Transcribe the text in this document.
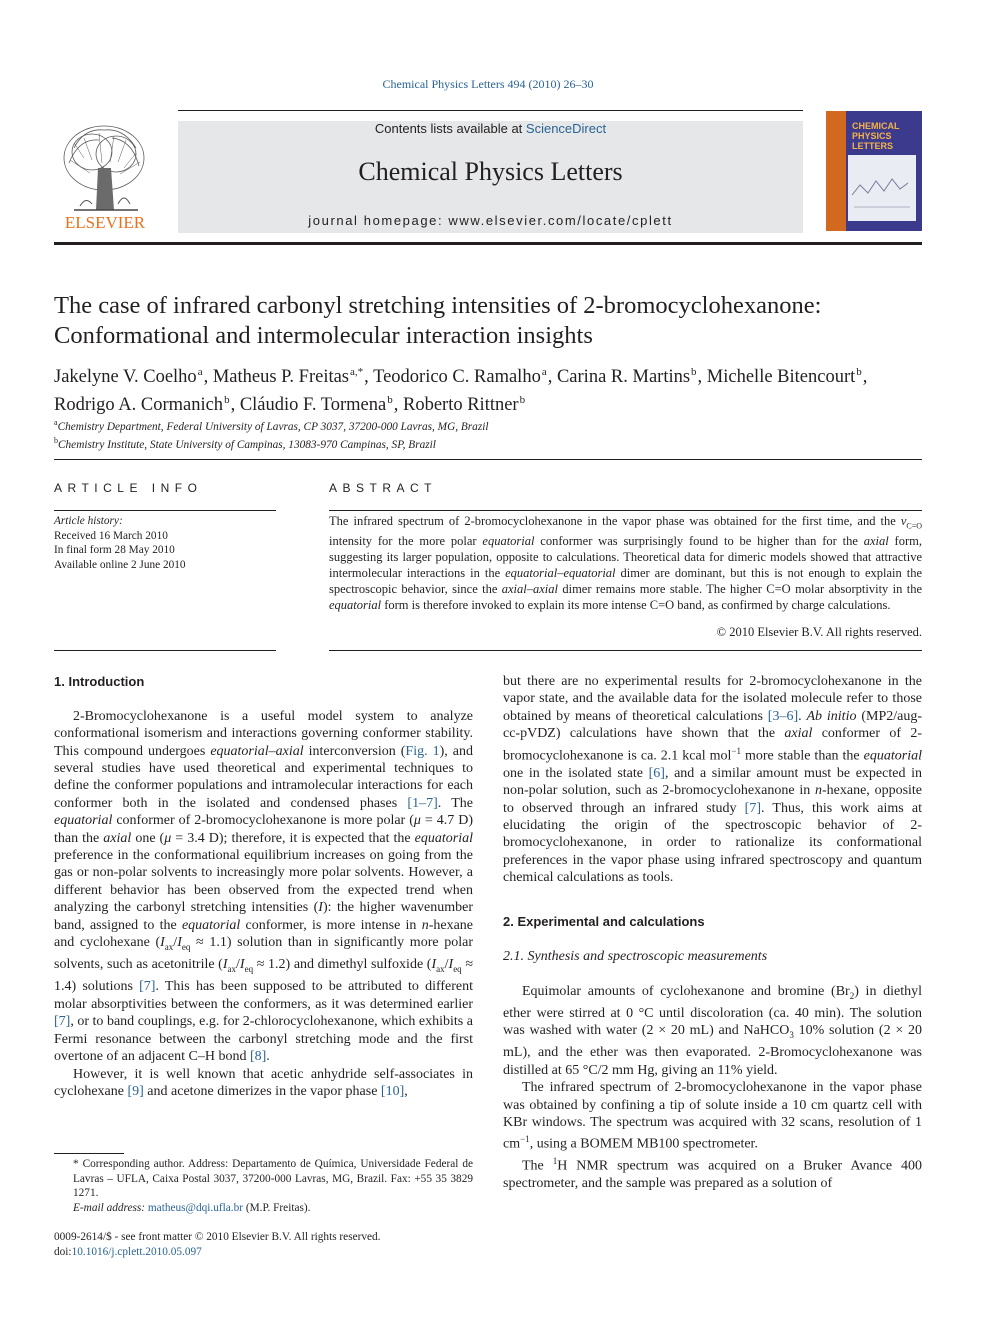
Chemical Physics Letters 494 (2010) 26–30
ELSEVIER
Contents lists available at ScienceDirect
Chemical Physics Letters
journal homepage: www.elsevier.com/locate/cplett
CHEMICAL
PHYSICS
LETTERS
The case of infrared carbonyl stretching intensities of 2-bromocyclohexanone:
Conformational and intermolecular interaction insights
Jakelyne V. Coelho$^a$, Matheus P. Freitas$^{a,*}$, Teodorico C. Ramalho$^a$, Carina R. Martins$^b$, Michelle Bitencourt$^b$,
Rodrigo A. Cormanich$^b$, Cláudio F. Tormena$^b$, Roberto Rittner$^b$
$^a$Chemistry Department, Federal University of Lavras, CP 3037, 37200-000 Lavras, MG, Brazil
$^b$Chemistry Institute, State University of Campinas, 13083-970 Campinas, SP, Brazil
ARTICLE INFO
Article history:
Received 16 March 2010
In final form 28 May 2010
Available online 2 June 2010
ABSTRACT
The infrared spectrum of 2-bromocyclohexanone in the vapor phase was obtained for the first time, and the $\nu_{C=O}$ intensity for the more polar equatorial conformer was surprisingly found to be higher than for the axial form, suggesting its larger population, opposite to calculations. Theoretical data for dimeric models showed that attractive intermolecular interactions in the equatorial–equatorial dimer are dominant, but this is not enough to explain the spectroscopic behavior, since the axial–axial dimer remains more stable. The higher C=O molar absorptivity in the equatorial form is therefore invoked to explain its more intense C=O band, as confirmed by charge calculations.
© 2010 Elsevier B.V. All rights reserved.
1. Introduction
2-Bromocyclohexanone is a useful model system to analyze conformational isomerism and interactions governing conformer stability. This compound undergoes equatorial–axial interconversion (Fig. 1), and several studies have used theoretical and experimental techniques to define the conformer populations and intramolecular interactions for each conformer both in the isolated and condensed phases [1–7]. The equatorial conformer of 2-bromocyclohexanone is more polar (μ = 4.7 D) than the axial one (μ = 3.4 D); therefore, it is expected that the equatorial preference in the conformational equilibrium increases on going from the gas or non-polar solvents to increasingly more polar solvents. However, a different behavior has been observed from the expected trend when analyzing the carbonyl stretching intensities (I): the higher wavenumber band, assigned to the equatorial conformer, is more intense in n-hexane and cyclohexane $(I_{ax}/I_{eq} \approx 1.1)$ solution than in significantly more polar solvents, such as acetonitrile $(I_{ax}/I_{eq} \approx 1.2)$ and dimethyl sulfoxide $(I_{ax}/I_{eq} \approx 1.4)$ solutions [7]. This has been supposed to be attributed to different molar absorptivities between the conformers, as it was determined earlier [7], or to band couplings, e.g. for 2-chlorocyclohexanone, which exhibits a Fermi resonance between the carbonyl stretching mode and the first overtone of an adjacent C–H bond [8].
However, it is well known that acetic anhydride self-associates in cyclohexane [9] and acetone dimerizes in the vapor phase [10],
* Corresponding author. Address: Departamento de Química, Universidade Federal de Lavras – UFLA, Caixa Postal 3037, 37200-000 Lavras, MG, Brazil. Fax: +55 35 3829 1271.
E-mail address: matheus@dqi.ufla.br (M.P. Freitas).
0009-2614/$ - see front matter © 2010 Elsevier B.V. All rights reserved.
doi:10.1016/j.cplett.2010.05.097
but there are no experimental results for 2-bromocyclohexanone in the vapor state, and the available data for the isolated molecule refer to those obtained by means of theoretical calculations [3–6]. Ab initio (MP2/aug-cc-pVDZ) calculations have shown that the axial conformer of 2-bromocyclohexanone is ca. 2.1 kcal mol$^{-1}$ more stable than the equatorial one in the isolated state [6], and a similar amount must be expected in non-polar solution, such as 2-bromocyclohexanone in n-hexane, opposite to observed through an infrared study [7]. Thus, this work aims at elucidating the origin of the spectroscopic behavior of 2-bromocyclohexanone, in order to rationalize its conformational preferences in the vapor phase using infrared spectroscopy and quantum chemical calculations as tools.
2. Experimental and calculations
2.1. Synthesis and spectroscopic measurements
Equimolar amounts of cyclohexanone and bromine $(Br_2)$ in diethyl ether were stirred at 0 °C until discoloration (ca. 40 min). The solution was washed with water (2 × 20 mL) and NaHCO$_3$ 10% solution (2 × 20 mL), and the ether was then evaporated. 2-Bromocyclohexanone was distilled at 65 °C/2 mm Hg, giving an 11% yield.
The infrared spectrum of 2-bromocyclohexanone in the vapor phase was obtained by confining a tip of solute inside a 10 cm quartz cell with KBr windows. The spectrum was acquired with 32 scans, resolution of 1 $cm^{-1}$, using a BOMEM MB100 spectrometer.
The $^1$H NMR spectrum was acquired on a Bruker Avance 400 spectrometer, and the sample was prepared as a solution of
